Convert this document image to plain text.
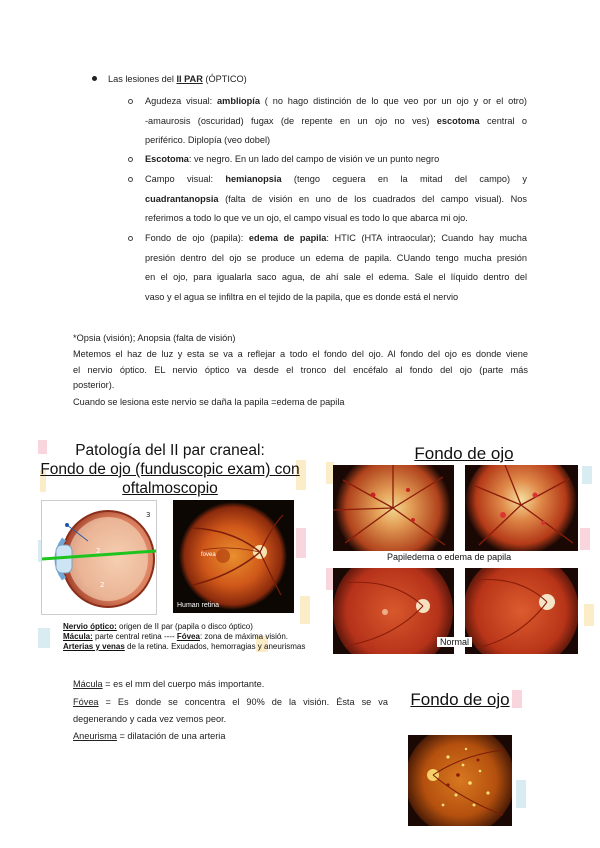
Las lesiones del II PAR (ÓPTICO)
Agudeza visual: ambliopía ( no hago distinción de lo que veo por un ojo y or el otro)
-amaurosis (oscuridad) fugax (de repente en un ojo no ves) escotoma central o
periférico. Diplopía (veo dobel)
Escotoma: ve negro. En un lado del campo de visión ve un punto negro
Campo visual: hemianopsia (tengo ceguera en la mitad del campo) y
cuadrantanopsia (falta de visión en uno de los cuadrados del campo visual). Nos
referimos a todo lo que ve un ojo, el campo visual es todo lo que abarca mi ojo.
Fondo de ojo (papila): edema de papila: HTIC (HTA intraocular); Cuando hay mucha
presión dentro del ojo se produce un edema de papila. CUando tengo mucha presión
en el ojo, para igualarla saco agua, de ahí sale el edema. Sale el líquido dentro del
vaso y el agua se infiltra en el tejido de la papila, que es donde está el nervio
*Opsia (visión); Anopsia (falta de visión)
Metemos el haz de luz y esta se va a reflejar a todo el fondo del ojo. Al fondo del ojo es donde viene
el nervio óptico. EL nervio óptico va desde el tronco del encéfalo al fondo del ojo (parte más
posterior).
Cuando se lesiona este nervio se daña la papila =edema de papila
Patología del II par craneal:
Fondo de ojo (funduscopic exam) con
oftalmoscopio
2
2
3
fovea
Human retina
Nervio óptico: origen de II par (papila o disco óptico)
Mácula: parte central retina ---- Fóvea: zona de máxima visión.
Arterias y venas de la retina. Exudados, hemorragias y aneurismas
Fondo de ojo
Papiledema o edema de papila
Normal
Mácula = es el mm del cuerpo más importante.
Fóvea = Es donde se concentra el 90% de la visión. Ésta se va
degenerando y cada vez vemos peor.
Aneurisma = dilatación de una arteria
Fondo de ojo
